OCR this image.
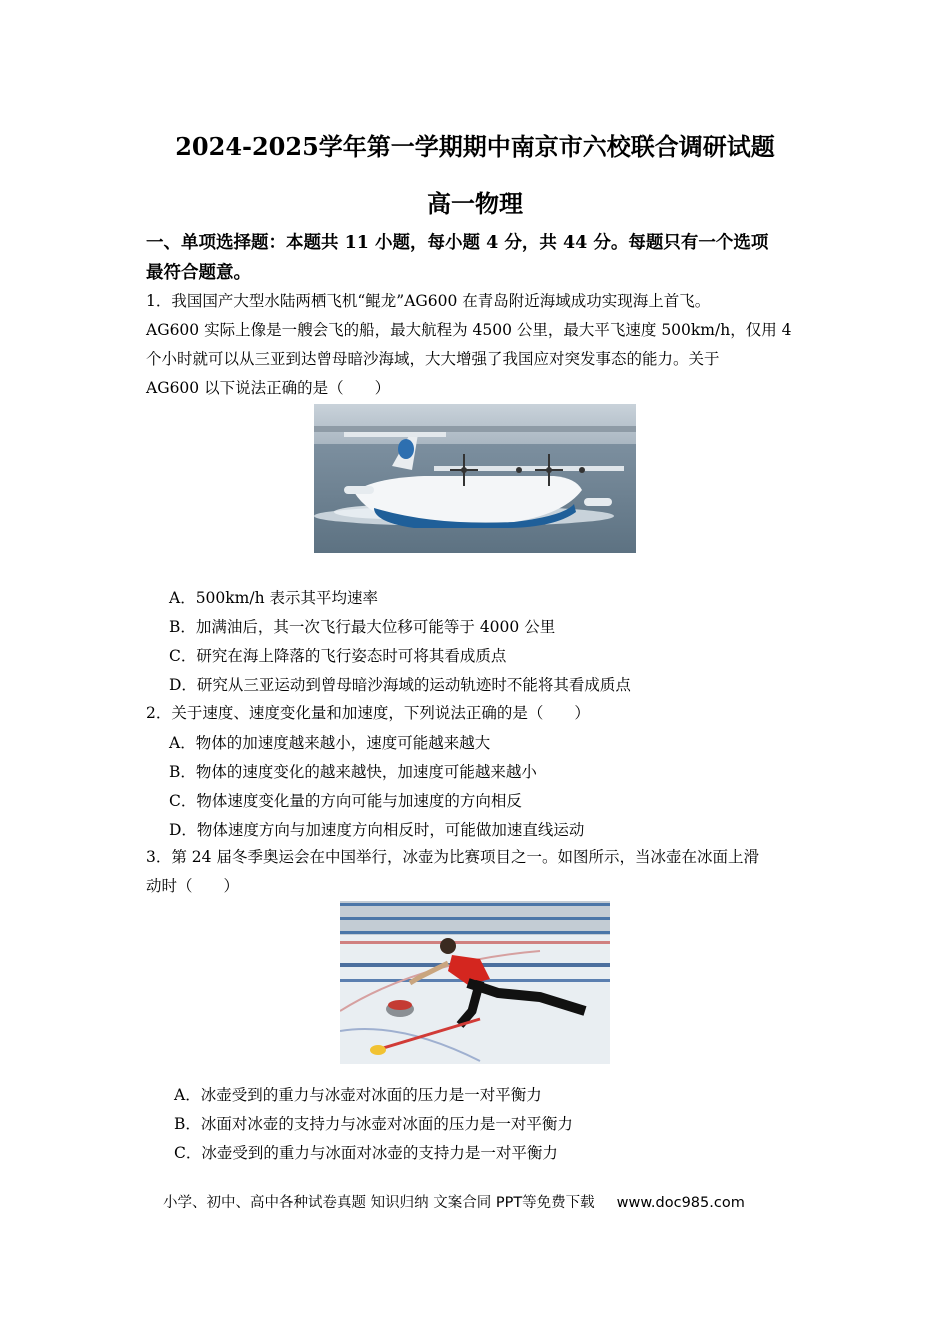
2024-2025学年第一学期期中南京市六校联合调研试题
高一物理
一、单项选择题：本题共 11 小题，每小题 4 分，共 44 分。每题只有一个选项
最符合题意。
1．我国国产大型水陆两栖飞机“鲲龙”AG600 在青岛附近海域成功实现海上首飞。
AG600 实际上像是一艘会飞的船，最大航程为 4500 公里，最大平飞速度 500km/h，仅用 4
个小时就可以从三亚到达曾母暗沙海域，大大增强了我国应对突发事态的能力。关于
AG600 以下说法正确的是（　　）
A．500km/h 表示其平均速率
B．加满油后，其一次飞行最大位移可能等于 4000 公里
C．研究在海上降落的飞行姿态时可将其看成质点
D．研究从三亚运动到曾母暗沙海域的运动轨迹时不能将其看成质点
2．关于速度、速度变化量和加速度，下列说法正确的是（　　）
A．物体的加速度越来越小，速度可能越来越大
B．物体的速度变化的越来越快，加速度可能越来越小
C．物体速度变化量的方向可能与加速度的方向相反
D．物体速度方向与加速度方向相反时，可能做加速直线运动
3．第 24 届冬季奥运会在中国举行，冰壶为比赛项目之一。如图所示，当冰壶在冰面上滑
动时（　　）
A．冰壶受到的重力与冰壶对冰面的压力是一对平衡力
B．冰面对冰壶的支持力与冰壶对冰面的压力是一对平衡力
C．冰壶受到的重力与冰面对冰壶的支持力是一对平衡力
小学、初中、高中各种试卷真题 知识归纳 文案合同 PPT等免费下载 www.doc985.com
